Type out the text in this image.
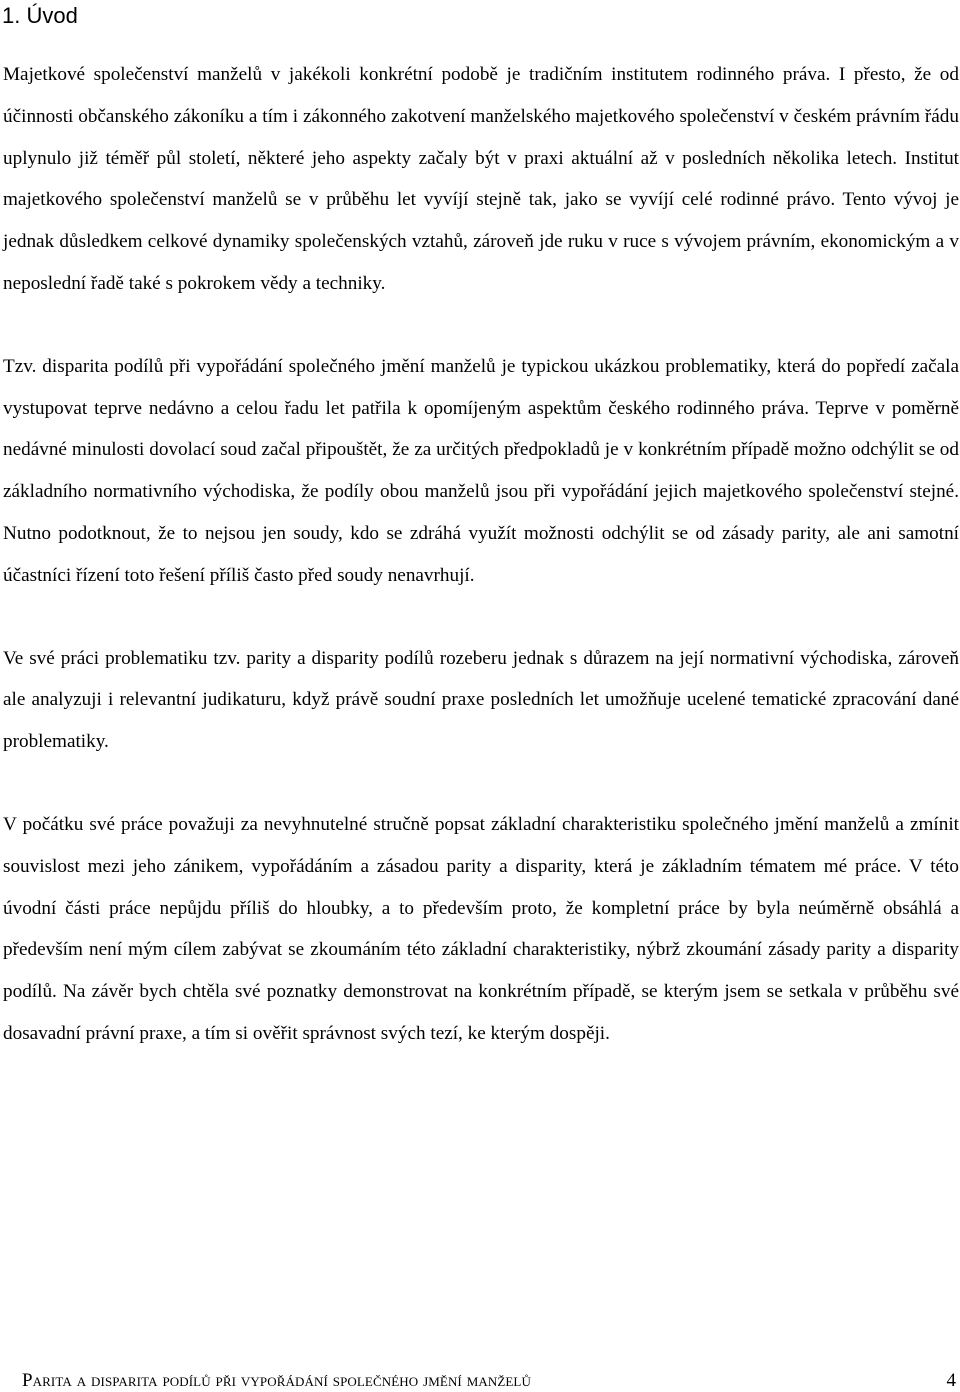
1. Úvod

Majetkové společenství manželů v jakékoli konkrétní podobě je tradičním institutem rodinného práva. I přesto, že od účinnosti občanského zákoníku a tím i zákonného zakotvení manželského majetkového společenství v českém právním řádu uplynulo již téměř půl století, některé jeho aspekty začaly být v praxi aktuální až v posledních několika letech. Institut majetkového společenství manželů se v průběhu let vyvíjí stejně tak, jako se vyvíjí celé rodinné právo. Tento vývoj je jednak důsledkem celkové dynamiky společenských vztahů, zároveň jde ruku v ruce s vývojem právním, ekonomickým a v neposlední řadě také s pokrokem vědy a techniky.

Tzv. disparita podílů při vypořádání společného jmění manželů je typickou ukázkou problematiky, která do popředí začala vystupovat teprve nedávno a celou řadu let patřila k opomíjeným aspektům českého rodinného práva. Teprve v poměrně nedávné minulosti dovolací soud začal připouštět, že za určitých předpokladů je v konkrétním případě možno odchýlit se od základního normativního východiska, že podíly obou manželů jsou při vypořádání jejich majetkového společenství stejné. Nutno podotknout, že to nejsou jen soudy, kdo se zdráhá využít možnosti odchýlit se od zásady parity, ale ani samotní účastníci řízení toto řešení příliš často před soudy nenavrhují.

Ve své práci problematiku tzv. parity a disparity podílů rozeberu jednak s důrazem na její normativní východiska, zároveň ale analyzuji i relevantní judikaturu, když právě soudní praxe posledních let umožňuje ucelené tematické zpracování dané problematiky.

V počátku své práce považuji za nevyhnutelné stručně popsat základní charakteristiku společného jmění manželů a zmínit souvislost mezi jeho zánikem, vypořádáním a zásadou parity a disparity, která je základním tématem mé práce. V této úvodní části práce nepůjdu příliš do hloubky, a to především proto, že kompletní práce by byla neúměrně obsáhlá a především není mým cílem zabývat se zkoumáním této základní charakteristiky, nýbrž zkoumání zásady parity a disparity podílů. Na závěr bych chtěla své poznatky demonstrovat na konkrétním případě, se kterým jsem se setkala v průběhu své dosavadní právní praxe, a tím si ověřit správnost svých tezí, ke kterým dospěji.

Parita a disparita podílů při vypořádání společného jmění manželů	4
